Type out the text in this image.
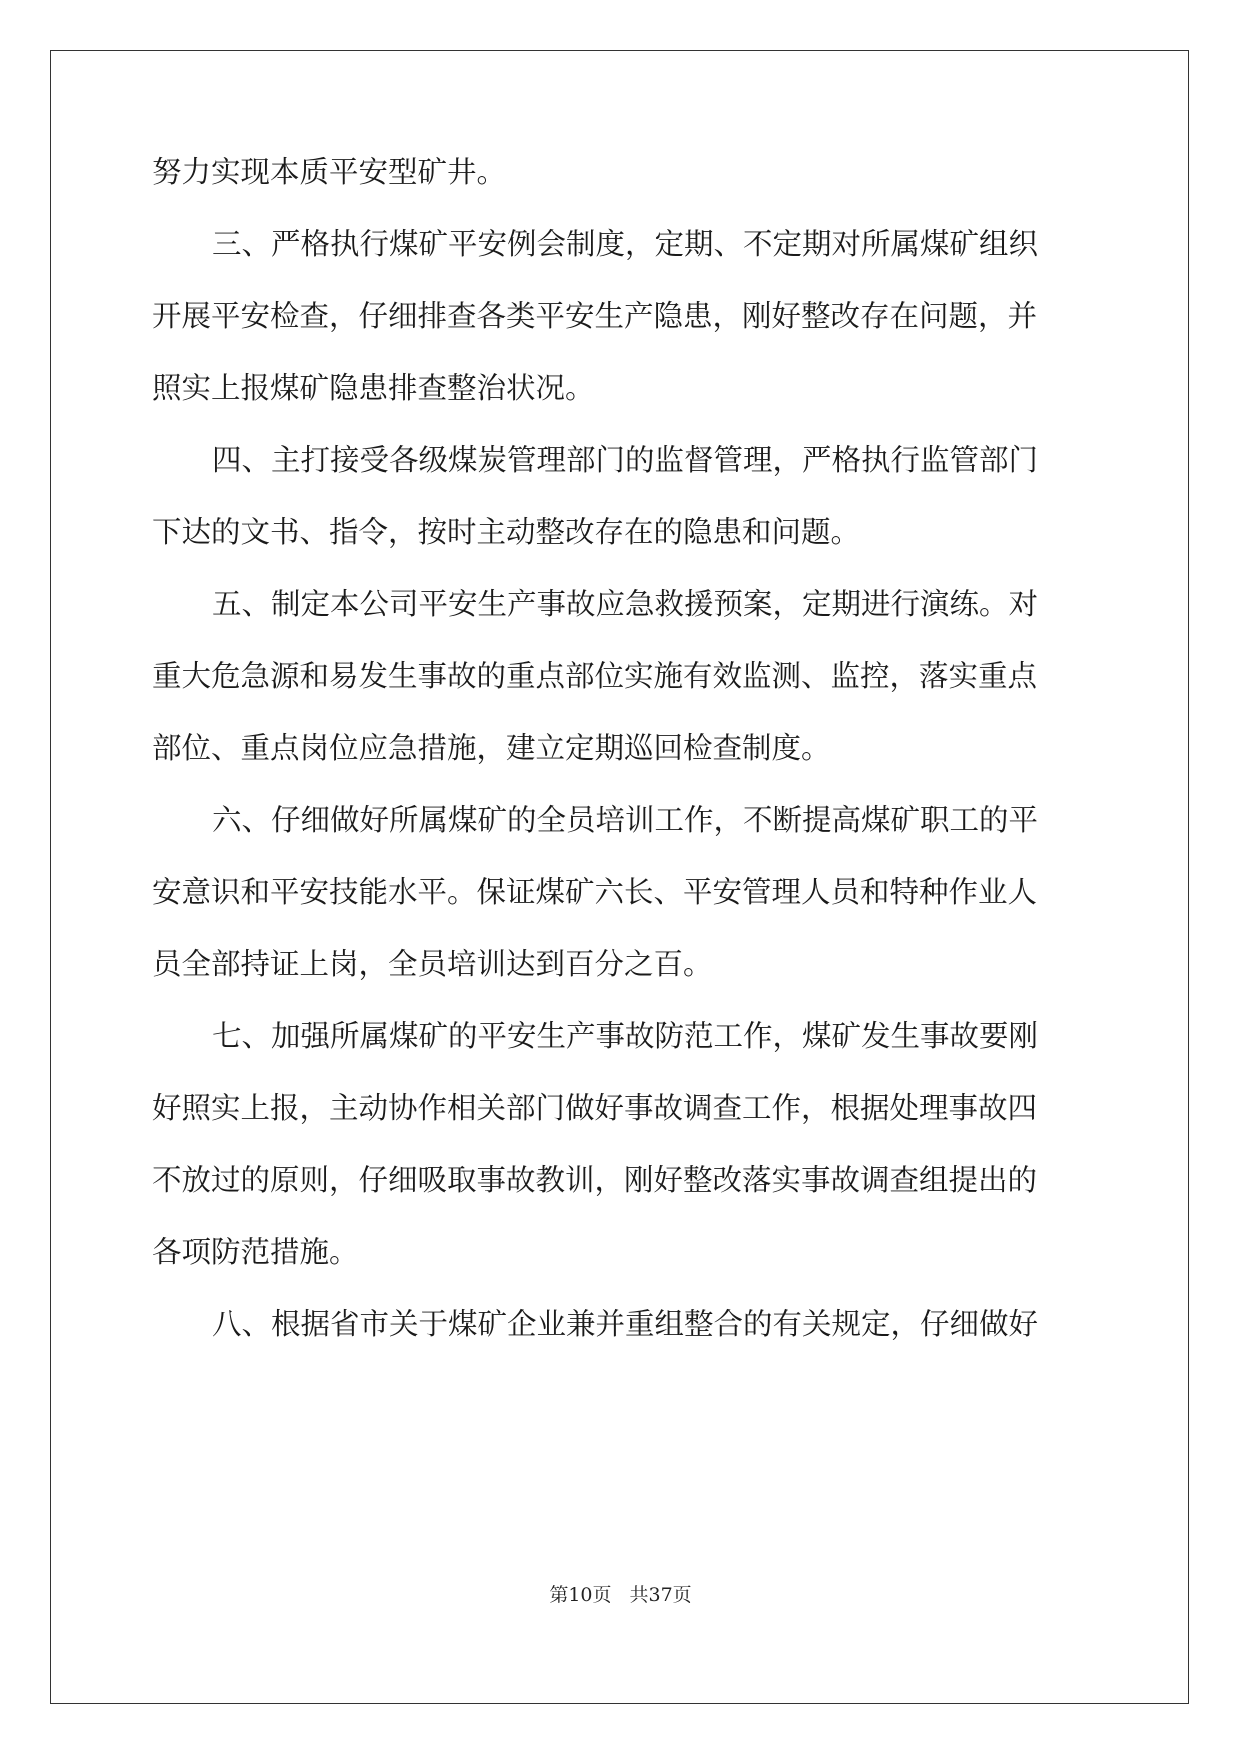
努力实现本质平安型矿井。
三、严格执行煤矿平安例会制度，定期、不定期对所属煤矿组织
开展平安检查，仔细排查各类平安生产隐患，刚好整改存在问题，并
照实上报煤矿隐患排查整治状况。
四、主打接受各级煤炭管理部门的监督管理，严格执行监管部门
下达的文书、指令，按时主动整改存在的隐患和问题。
五、制定本公司平安生产事故应急救援预案，定期进行演练。对
重大危急源和易发生事故的重点部位实施有效监测、监控，落实重点
部位、重点岗位应急措施，建立定期巡回检查制度。
六、仔细做好所属煤矿的全员培训工作，不断提高煤矿职工的平
安意识和平安技能水平。保证煤矿六长、平安管理人员和特种作业人
员全部持证上岗，全员培训达到百分之百。
七、加强所属煤矿的平安生产事故防范工作，煤矿发生事故要刚
好照实上报，主动协作相关部门做好事故调查工作，根据处理事故四
不放过的原则，仔细吸取事故教训，刚好整改落实事故调查组提出的
各项防范措施。
八、根据省市关于煤矿企业兼并重组整合的有关规定，仔细做好
第10页 共37页
